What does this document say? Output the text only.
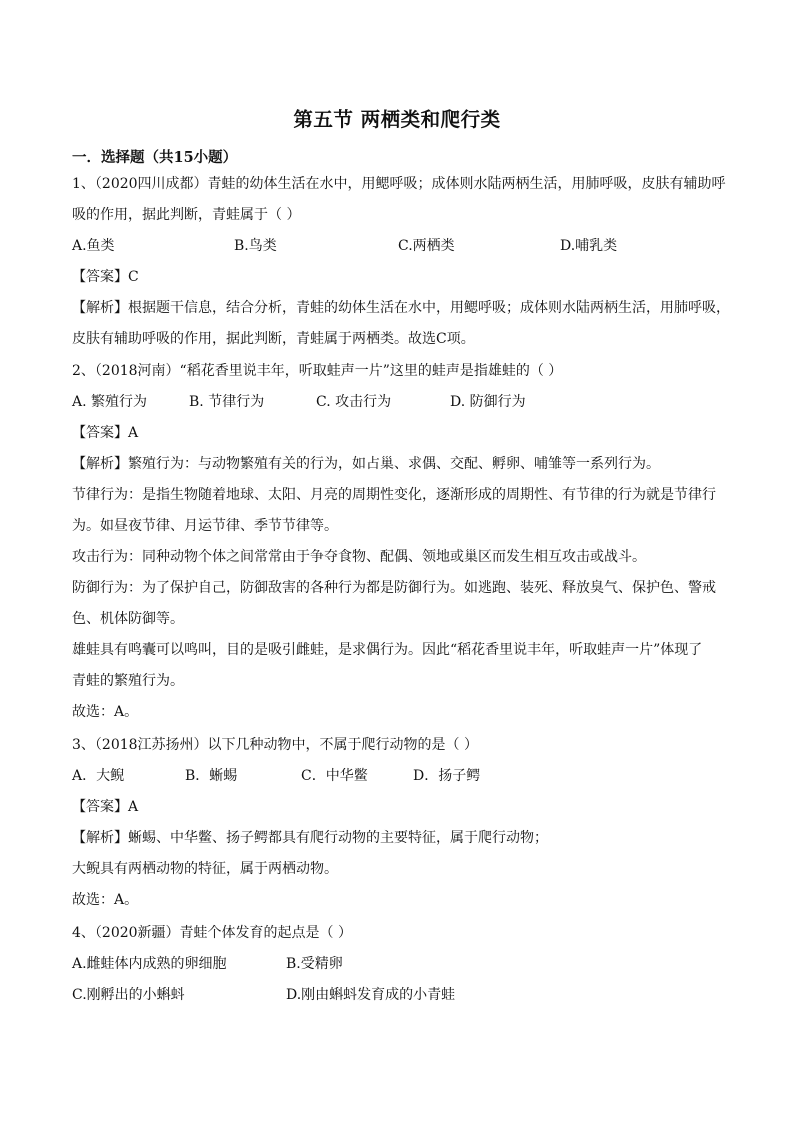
第五节 两栖类和爬行类
一．选择题（共15小题）
1、（2020四川成都）青蛙的幼体生活在水中，用鳃呼吸；成体则水陆两柄生活，用肺呼吸，皮肤有辅助呼
吸的作用，据此判断，青蛙属于（ ）
A.鱼类	B.鸟类	C.两栖类	D.哺乳类
【答案】C
【解析】根据题干信息，结合分析，青蛙的幼体生活在水中，用鳃呼吸；成体则水陆两柄生活，用肺呼吸，
皮肤有辅助呼吸的作用，据此判断，青蛙属于两栖类。故选C项。
2、（2018河南）“稻花香里说丰年，听取蛙声一片”这里的蛙声是指雄蛙的（ ）
A. 繁殖行为	B. 节律行为	C. 攻击行为	D. 防御行为
【答案】A
【解析】繁殖行为：与动物繁殖有关的行为，如占巢、求偶、交配、孵卵、哺雏等一系列行为。
节律行为：是指生物随着地球、太阳、月亮的周期性变化，逐渐形成的周期性、有节律的行为就是节律行
为。如昼夜节律、月运节律、季节节律等。
攻击行为：同种动物个体之间常常由于争夺食物、配偶、领地或巢区而发生相互攻击或战斗。
防御行为：为了保护自己，防御敌害的各种行为都是防御行为。如逃跑、装死、释放臭气、保护色、警戒
色、机体防御等。
雄蛙具有鸣囊可以鸣叫，目的是吸引雌蛙，是求偶行为。因此“稻花香里说丰年，听取蛙声一片”体现了
青蛙的繁殖行为。
故选：A。
3、（2018江苏扬州）以下几种动物中，不属于爬行动物的是（ ）
A．大鲵	B．蜥蜴	C．中华鳖	D．扬子鳄
【答案】A
【解析】蜥蜴、中华鳖、扬子鳄都具有爬行动物的主要特征，属于爬行动物；
大鲵具有两栖动物的特征，属于两栖动物。
故选：A。
4、（2020新疆）青蛙个体发育的起点是（ ）
A.雌蛙体内成熟的卵细胞	B.受精卵
C.刚孵出的小蝌蚪	D.刚由蝌蚪发育成的小青蛙
